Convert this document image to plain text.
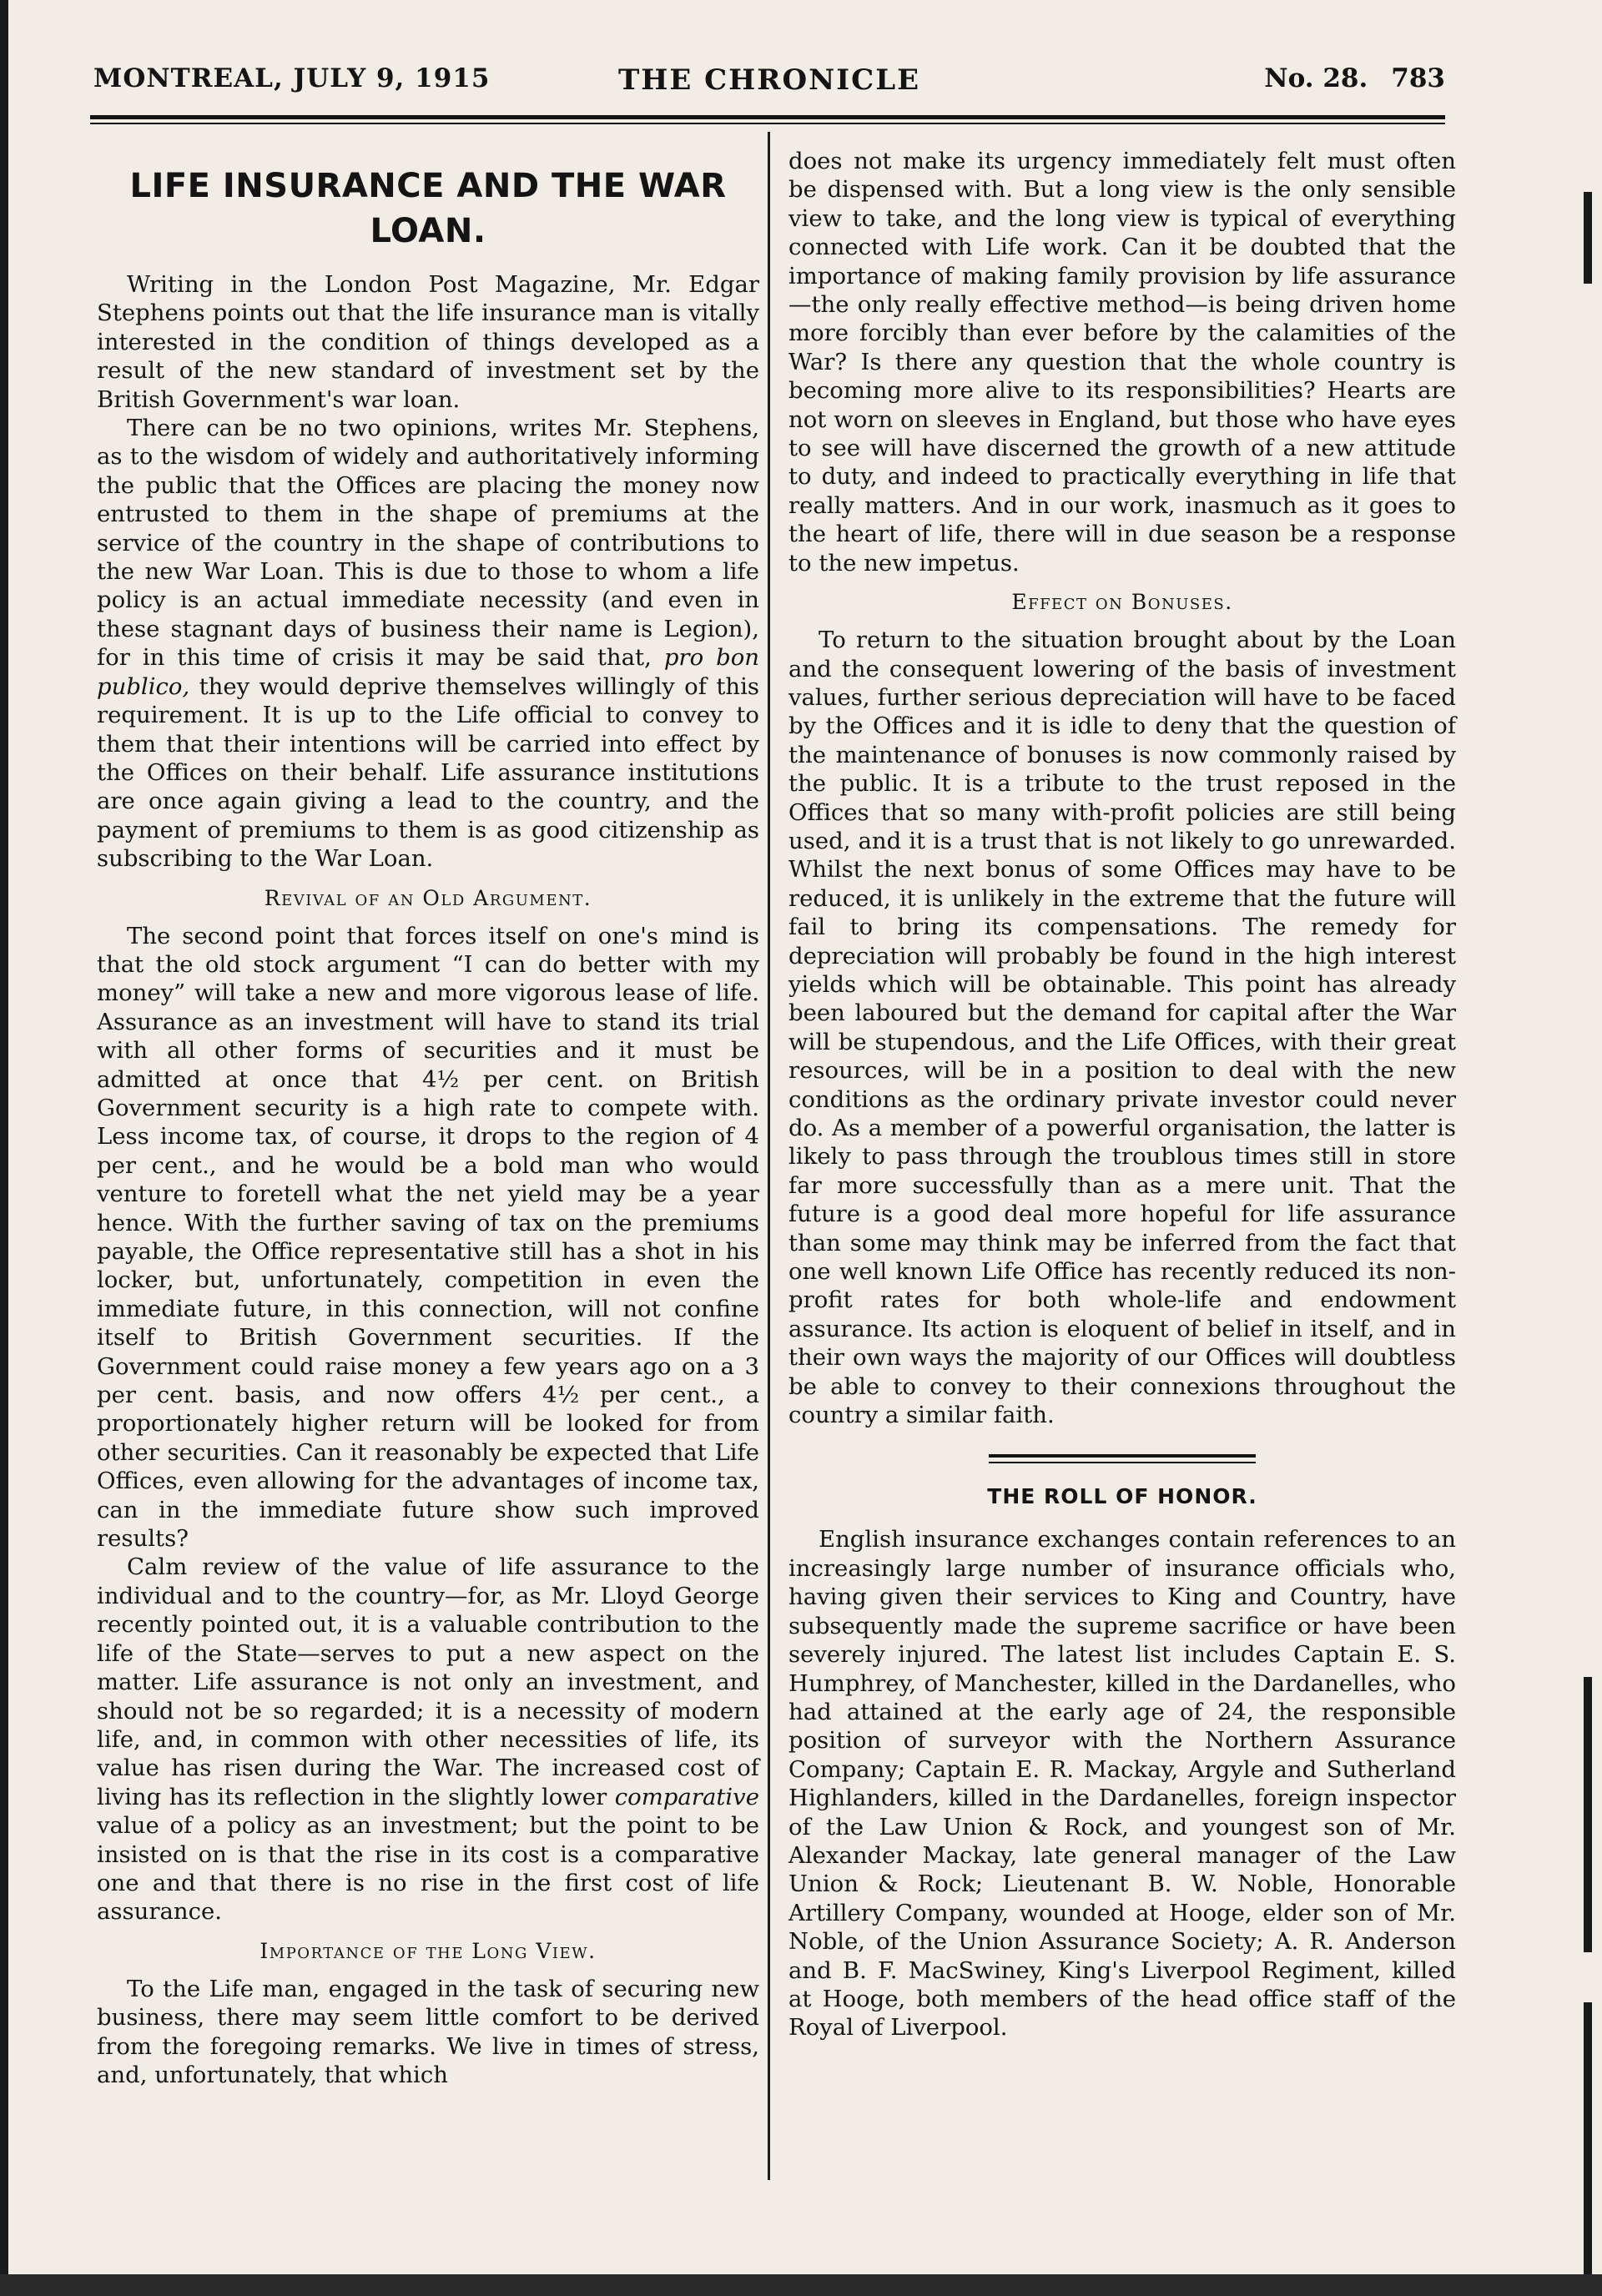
MONTREAL, JULY 9, 1915	THE CHRONICLE	No. 28. 783
LIFE INSURANCE AND THE WAR LOAN.

Writing in the London Post Magazine, Mr. Edgar Stephens points out that the life insurance man is vitally interested in the condition of things developed as a result of the new standard of investment set by the British Government's war loan.

There can be no two opinions, writes Mr. Stephens, as to the wisdom of widely and authoritatively informing the public that the Offices are placing the money now entrusted to them in the shape of premiums at the service of the country in the shape of contributions to the new War Loan. This is due to those to whom a life policy is an actual immediate necessity (and even in these stagnant days of business their name is Legion), for in this time of crisis it may be said that, pro bon publico, they would deprive themselves willingly of this requirement. It is up to the Life official to convey to them that their intentions will be carried into effect by the Offices on their behalf. Life assurance institutions are once again giving a lead to the country, and the payment of premiums to them is as good citizenship as subscribing to the War Loan.

Revival of an Old Argument.

The second point that forces itself on one's mind is that the old stock argument “I can do better with my money” will take a new and more vigorous lease of life. Assurance as an investment will have to stand its trial with all other forms of securities and it must be admitted at once that 4½ per cent. on British Government security is a high rate to compete with. Less income tax, of course, it drops to the region of 4 per cent., and he would be a bold man who would venture to foretell what the net yield may be a year hence. With the further saving of tax on the premiums payable, the Office representative still has a shot in his locker, but, unfortunately, competition in even the immediate future, in this connection, will not confine itself to British Government securities. If the Government could raise money a few years ago on a 3 per cent. basis, and now offers 4½ per cent., a proportionately higher return will be looked for from other securities. Can it reasonably be expected that Life Offices, even allowing for the advantages of income tax, can in the immediate future show such improved results?

Calm review of the value of life assurance to the individual and to the country—for, as Mr. Lloyd George recently pointed out, it is a valuable contribution to the life of the State—serves to put a new aspect on the matter. Life assurance is not only an investment, and should not be so regarded; it is a necessity of modern life, and, in common with other necessities of life, its value has risen during the War. The increased cost of living has its reflection in the slightly lower comparative value of a policy as an investment; but the point to be insisted on is that the rise in its cost is a comparative one and that there is no rise in the first cost of life assurance.

Importance of the Long View.

To the Life man, engaged in the task of securing new business, there may seem little comfort to be derived from the foregoing remarks. We live in times of stress, and, unfortunately, that which

does not make its urgency immediately felt must often be dispensed with. But a long view is the only sensible view to take, and the long view is typical of everything connected with Life work. Can it be doubted that the importance of making family provision by life assurance—the only really effective method—is being driven home more forcibly than ever before by the calamities of the War? Is there any question that the whole country is becoming more alive to its responsibilities? Hearts are not worn on sleeves in England, but those who have eyes to see will have discerned the growth of a new attitude to duty, and indeed to practically everything in life that really matters. And in our work, inasmuch as it goes to the heart of life, there will in due season be a response to the new impetus.

Effect on Bonuses.

To return to the situation brought about by the Loan and the consequent lowering of the basis of investment values, further serious depreciation will have to be faced by the Offices and it is idle to deny that the question of the maintenance of bonuses is now commonly raised by the public. It is a tribute to the trust reposed in the Offices that so many with-profit policies are still being used, and it is a trust that is not likely to go unrewarded. Whilst the next bonus of some Offices may have to be reduced, it is unlikely in the extreme that the future will fail to bring its compensations. The remedy for depreciation will probably be found in the high interest yields which will be obtainable. This point has already been laboured but the demand for capital after the War will be stupendous, and the Life Offices, with their great resources, will be in a position to deal with the new conditions as the ordinary private investor could never do. As a member of a powerful organisation, the latter is likely to pass through the troublous times still in store far more successfully than as a mere unit. That the future is a good deal more hopeful for life assurance than some may think may be inferred from the fact that one well known Life Office has recently reduced its non-profit rates for both whole-life and endowment assurance. Its action is eloquent of belief in itself, and in their own ways the majority of our Offices will doubtless be able to convey to their connexions throughout the country a similar faith.

THE ROLL OF HONOR.

English insurance exchanges contain references to an increasingly large number of insurance officials who, having given their services to King and Country, have subsequently made the supreme sacrifice or have been severely injured. The latest list includes Captain E. S. Humphrey, of Manchester, killed in the Dardanelles, who had attained at the early age of 24, the responsible position of surveyor with the Northern Assurance Company; Captain E. R. Mackay, Argyle and Sutherland Highlanders, killed in the Dardanelles, foreign inspector of the Law Union & Rock, and youngest son of Mr. Alexander Mackay, late general manager of the Law Union & Rock; Lieutenant B. W. Noble, Honorable Artillery Company, wounded at Hooge, elder son of Mr. Noble, of the Union Assurance Society; A. R. Anderson and B. F. MacSwiney, King's Liverpool Regiment, killed at Hooge, both members of the head office staff of the Royal of Liverpool.
